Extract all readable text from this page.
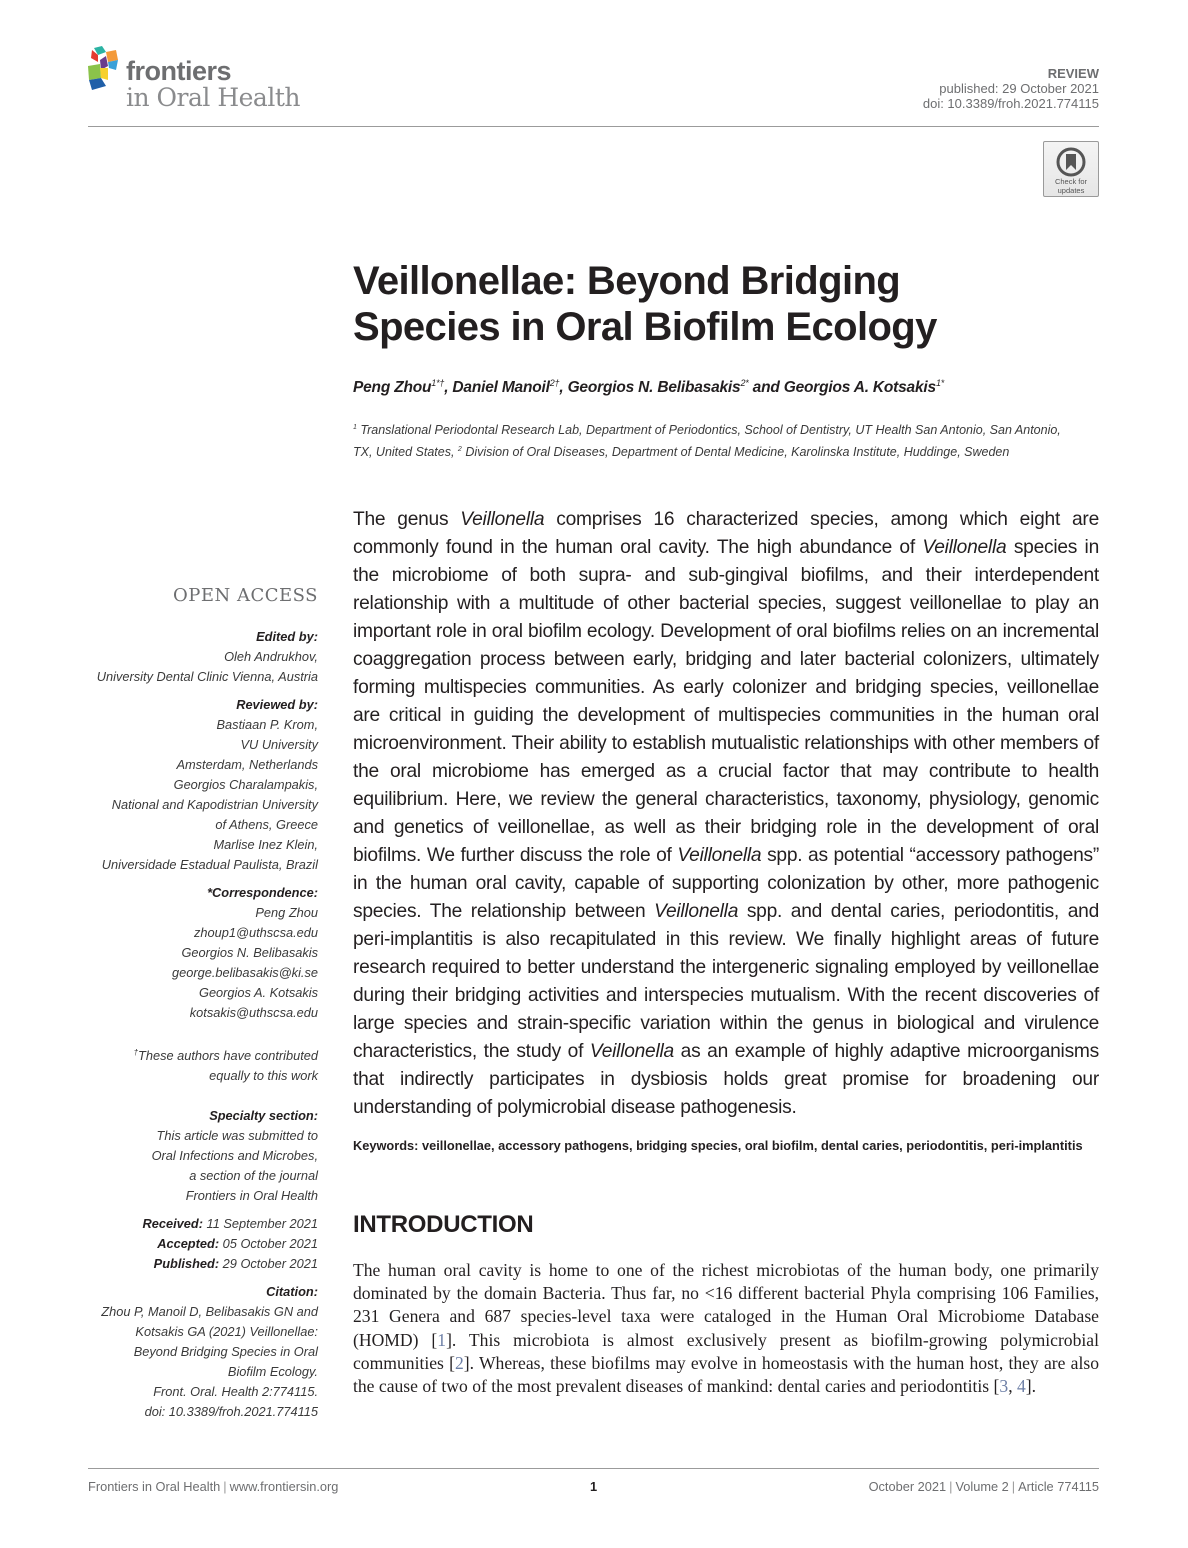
frontiers
in Oral Health
REVIEW
published: 29 October 2021
doi: 10.3389/froh.2021.774115
Check for
updates
Veillonellae: Beyond Bridging
Species in Oral Biofilm Ecology
Peng Zhou$^{1*\dagger}$, Daniel Manoil$^{2\dagger}$, Georgios N. Belibasakis$^{2*}$ and Georgios A. Kotsakis$^{1*}$
$^1$ Translational Periodontal Research Lab, Department of Periodontics, School of Dentistry, UT Health San Antonio, San Antonio, TX, United States, $^2$ Division of Oral Diseases, Department of Dental Medicine, Karolinska Institute, Huddinge, Sweden
OPEN ACCESS
Edited by:
Oleh Andrukhov,
University Dental Clinic Vienna, Austria
Reviewed by:
Bastiaan P. Krom,
VU University
Amsterdam, Netherlands
Georgios Charalampakis,
National and Kapodistrian University
of Athens, Greece
Marlise Inez Klein,
Universidade Estadual Paulista, Brazil
*Correspondence:
Peng Zhou
zhoup1@uthscsa.edu
Georgios N. Belibasakis
george.belibasakis@ki.se
Georgios A. Kotsakis
kotsakis@uthscsa.edu
†These authors have contributed
equally to this work
Specialty section:
This article was submitted to
Oral Infections and Microbes,
a section of the journal
Frontiers in Oral Health
Received: 11 September 2021
Accepted: 05 October 2021
Published: 29 October 2021
Citation:
Zhou P, Manoil D, Belibasakis GN and
Kotsakis GA (2021) Veillonellae:
Beyond Bridging Species in Oral
Biofilm Ecology.
Front. Oral. Health 2:774115.
doi: 10.3389/froh.2021.774115

The genus Veillonella comprises 16 characterized species, among which eight are commonly found in the human oral cavity. The high abundance of Veillonella species in the microbiome of both supra- and sub-gingival biofilms, and their interdependent relationship with a multitude of other bacterial species, suggest veillonellae to play an important role in oral biofilm ecology. Development of oral biofilms relies on an incremental coaggregation process between early, bridging and later bacterial colonizers, ultimately forming multispecies communities. As early colonizer and bridging species, veillonellae are critical in guiding the development of multispecies communities in the human oral microenvironment. Their ability to establish mutualistic relationships with other members of the oral microbiome has emerged as a crucial factor that may contribute to health equilibrium. Here, we review the general characteristics, taxonomy, physiology, genomic and genetics of veillonellae, as well as their bridging role in the development of oral biofilms. We further discuss the role of Veillonella spp. as potential “accessory pathogens” in the human oral cavity, capable of supporting colonization by other, more pathogenic species. The relationship between Veillonella spp. and dental caries, periodontitis, and peri-implantitis is also recapitulated in this review. We finally highlight areas of future research required to better understand the intergeneric signaling employed by veillonellae during their bridging activities and interspecies mutualism. With the recent discoveries of large species and strain-specific variation within the genus in biological and virulence characteristics, the study of Veillonella as an example of highly adaptive microorganisms that indirectly participates in dysbiosis holds great promise for broadening our understanding of polymicrobial disease pathogenesis.

Keywords: veillonellae, accessory pathogens, bridging species, oral biofilm, dental caries, periodontitis, peri-implantitis

INTRODUCTION

The human oral cavity is home to one of the richest microbiotas of the human body, one primarily dominated by the domain Bacteria. Thus far, no <16 different bacterial Phyla comprising 106 Families, 231 Genera and 687 species-level taxa were cataloged in the Human Oral Microbiome Database (HOMD) [1]. This microbiota is almost exclusively present as biofilm-growing polymicrobial communities [2]. Whereas, these biofilms may evolve in homeostasis with the human host, they are also the cause of two of the most prevalent diseases of mankind: dental caries and periodontitis [3, 4].

Frontiers in Oral Health | www.frontiersin.org	1	October 2021 | Volume 2 | Article 774115
